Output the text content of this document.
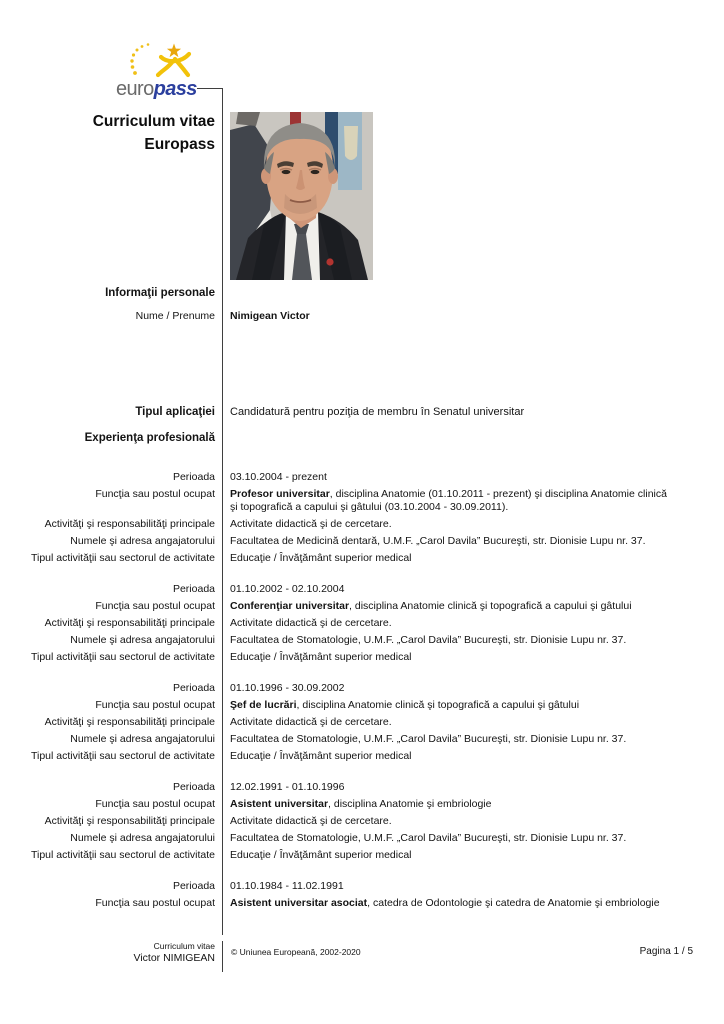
europass
Curriculum vitae
Europass
Informaţii personale
Nume / Prenume Nimigean Victor
Tipul aplicaţiei Candidatură pentru poziţia de membru în Senatul universitar
Experienţa profesională
Perioada 03.10.2004 - prezent
Funcţia sau postul ocupat Profesor universitar, disciplina Anatomie (01.10.2011 - prezent) şi disciplina Anatomie clinică şi topografică a capului şi gâtului (03.10.2004 - 30.09.2011).
Activităţi şi responsabilităţi principale Activitate didactică şi de cercetare.
Numele şi adresa angajatorului Facultatea de Medicină dentară, U.M.F. „Carol Davila” Bucureşti, str. Dionisie Lupu nr. 37.
Tipul activităţii sau sectorul de activitate Educaţie / Învăţământ superior medical
Perioada 01.10.2002 - 02.10.2004
Funcţia sau postul ocupat Conferenţiar universitar, disciplina Anatomie clinică şi topografică a capului şi gâtului
Activităţi şi responsabilităţi principale Activitate didactică şi de cercetare.
Numele şi adresa angajatorului Facultatea de Stomatologie, U.M.F. „Carol Davila” Bucureşti, str. Dionisie Lupu nr. 37.
Tipul activităţii sau sectorul de activitate Educaţie / Învăţământ superior medical
Perioada 01.10.1996 - 30.09.2002
Funcţia sau postul ocupat Şef de lucrări, disciplina Anatomie clinică şi topografică a capului şi gâtului
Activităţi şi responsabilităţi principale Activitate didactică şi de cercetare.
Numele şi adresa angajatorului Facultatea de Stomatologie, U.M.F. „Carol Davila” Bucureşti, str. Dionisie Lupu nr. 37.
Tipul activităţii sau sectorul de activitate Educaţie / Învăţământ superior medical
Perioada 12.02.1991 - 01.10.1996
Funcţia sau postul ocupat Asistent universitar, disciplina Anatomie şi embriologie
Activităţi şi responsabilităţi principale Activitate didactică şi de cercetare.
Numele şi adresa angajatorului Facultatea de Stomatologie, U.M.F. „Carol Davila” Bucureşti, str. Dionisie Lupu nr. 37.
Tipul activităţii sau sectorul de activitate Educaţie / Învăţământ superior medical
Perioada 01.10.1984 - 11.02.1991
Funcţia sau postul ocupat Asistent universitar asociat, catedra de Odontologie şi catedra de Anatomie şi embriologie
Curriculum vitae
Victor NIMIGEAN © Uniunea Europeană, 2002-2020	Pagina 1 / 5
